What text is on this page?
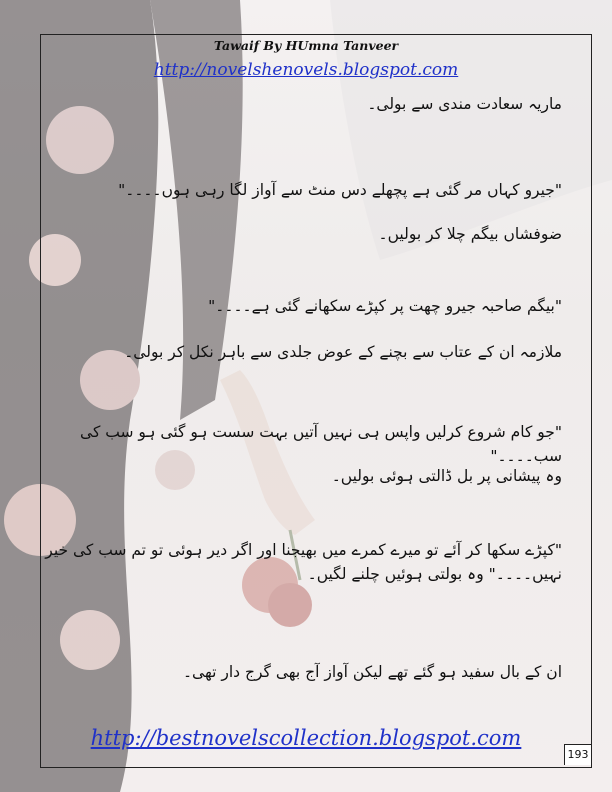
Tawaif By HUmna Tanveer
http://novelshenovels.blogspot.com
ماریہ سعادت مندی سے بولی۔
"جیرو کہاں مر گئی ہے پچھلے دس منٹ سے آواز لگا رہی ہوں۔۔۔۔"
ضوفشاں بیگم چلا کر بولیں۔
"بیگم صاحبہ جیرو چھت پر کپڑے سکھانے گئی ہے۔۔۔۔"
ملازمہ ان کے عتاب سے بچنے کے عوض جلدی سے باہر نکل کر بولی۔
"جو کام شروع کرلیں واپس ہی نہیں آتیں بہت سست ہو گئی ہو سب کی سب۔۔۔۔"
وہ پیشانی پر بل ڈالتی ہوئی بولیں۔
"کپڑے سکھا کر آئے تو میرے کمرے میں بھیجنا اور اگر دیر ہوئی تو تم سب کی خیر نہیں۔۔۔۔" وہ بولتی ہوئیں چلنے لگیں۔
ان کے بال سفید ہو گئے تھے لیکن آواز آج بھی گرج دار تھی۔
http://bestnovelscollection.blogspot.com
193
